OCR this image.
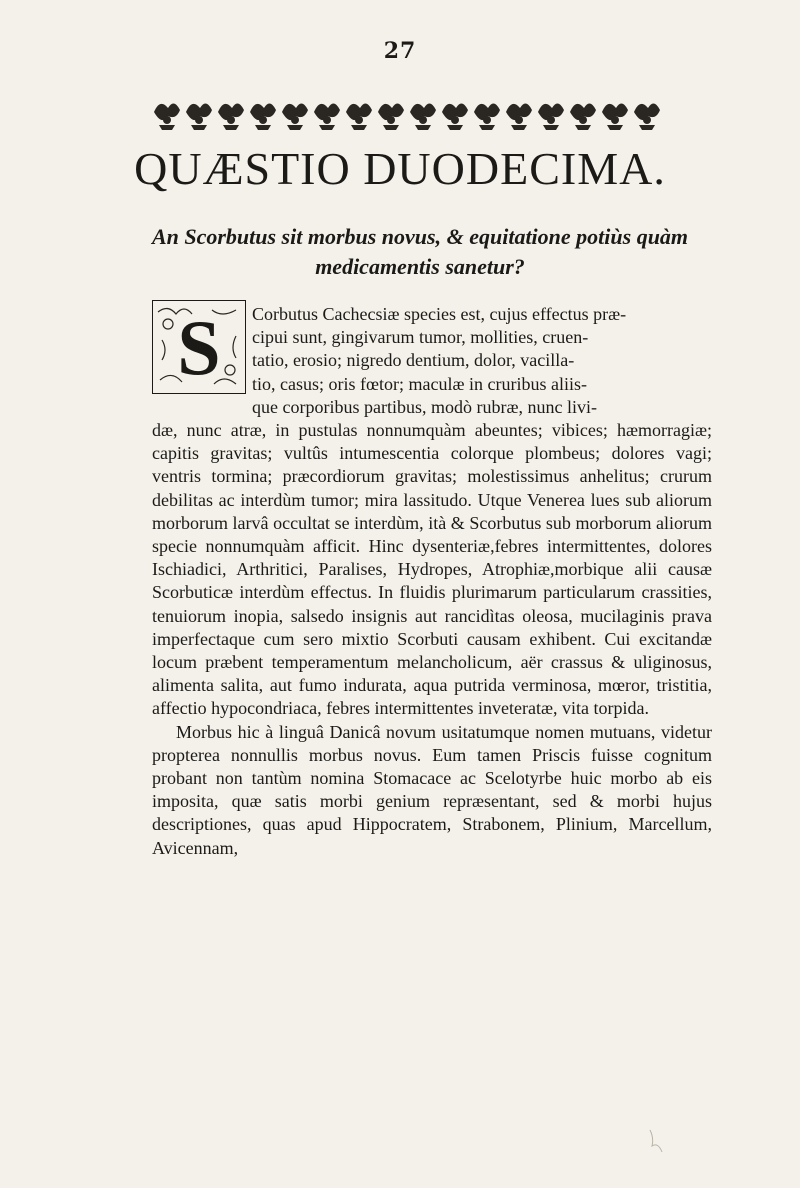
27
QUÆSTIO DUODECIMA.
An Scorbutus sit morbus novus, & equitatione potiùs quàm medicamentis sanetur?
S Corbutus Cachecsiæ species est, cujus effectus præ-
cipui sunt, gingivarum tumor, mollities, cruen-
tatio, erosio; nigredo dentium, dolor, vacilla-
tio, casus; oris fœtor; maculæ in cruribus aliis-
que corporibus partibus, modò rubræ, nunc livi-

dæ, nunc atræ, in pustulas nonnumquàm abeuntes; vibices; hæmorragiæ; capitis gravitas; vultûs intumescentia colorque plombeus; dolores vagi; ventris tormina; præcordiorum gravitas; molestissimus anhelitus; crurum debilitas ac interdùm tumor; mira lassitudo. Utque Venerea lues sub aliorum morborum larvâ occultat se interdùm, ità & Scorbutus sub morborum aliorum specie nonnumquàm afficit. Hinc dysenteriæ,febres intermittentes, dolores Ischiadici, Arthritici, Paralises, Hydropes, Atrophiæ,morbique alii causæ Scorbuticæ interdùm effectus. In fluidis plurimarum particularum crassities, tenuiorum inopia, salsedo insignis aut rancidìtas oleosa, mucilaginis prava imperfectaque cum sero mixtio Scorbuti causam exhibent. Cui excitandæ locum præbent temperamentum melancholicum, aër crassus & uliginosus, alimenta salita, aut fumo indurata, aqua putrida verminosa, mœror, tristitia, affectio hypocondriaca, febres intermittentes inveteratæ, vita torpida.

Morbus hic à linguâ Danicâ novum usitatumque nomen mutuans, videtur propterea nonnullis morbus novus. Eum tamen Priscis fuisse cognitum probant non tantùm nomina Stomacace ac Scelotyrbe huic morbo ab eis imposita, quæ satis morbi genium repræsentant, sed & morbi hujus descriptiones, quas apud Hippocratem, Strabonem, Plinium, Marcellum, Avicennam,
